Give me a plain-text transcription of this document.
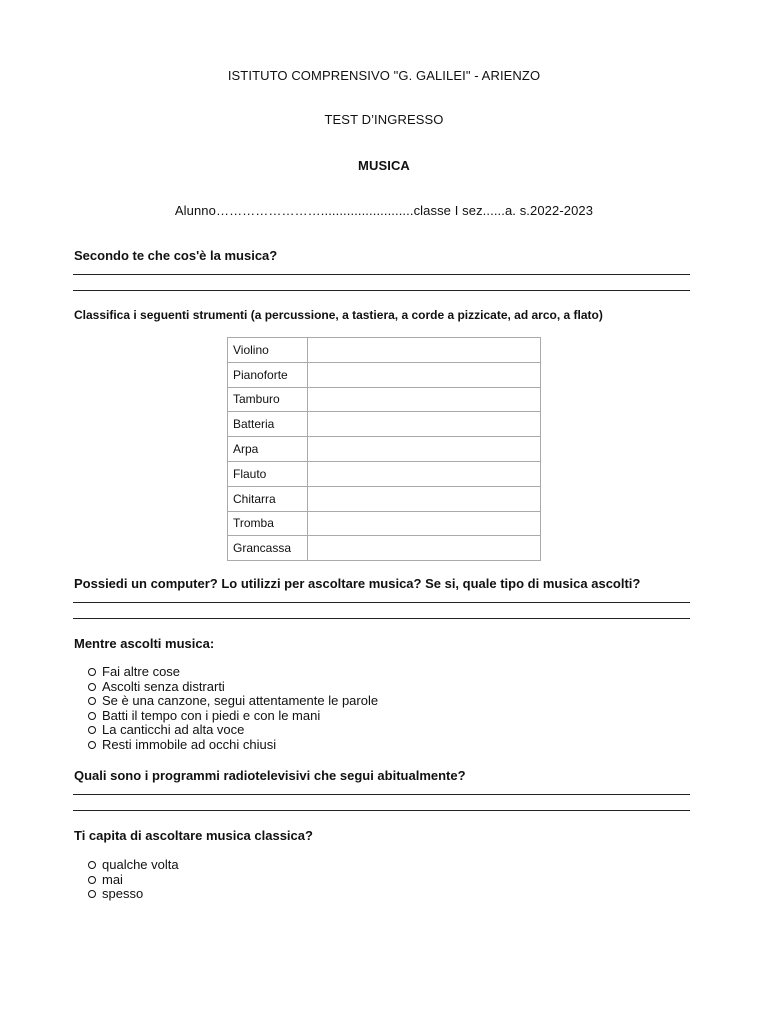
ISTITUTO COMPRENSIVO "G. GALILEI" - ARIENZO
TEST D’INGRESSO
MUSICA
Alunno…………………….........................classe I sez......a. s.2022-2023
Secondo te che cos'è la musica?
Classifica i seguenti strumenti (a percussione, a tastiera, a corde a pizzicate, ad arco, a flato)
Violino	
Pianoforte	
Tamburo	
Batteria	
Arpa	
Flauto	
Chitarra	
Tromba	
Grancassa	
Possiedi un computer? Lo utilizzi per ascoltare musica? Se si, quale tipo di musica ascolti?
Mentre ascolti musica:
Fai altre cose
Ascolti senza distrarti
Se è una canzone, segui attentamente le parole
Batti il tempo con i piedi e con le mani
La canticchi ad alta voce
Resti immobile ad occhi chiusi
Quali sono i programmi radiotelevisivi che segui abitualmente?
Ti capita di ascoltare musica classica?
qualche volta
mai
spesso
